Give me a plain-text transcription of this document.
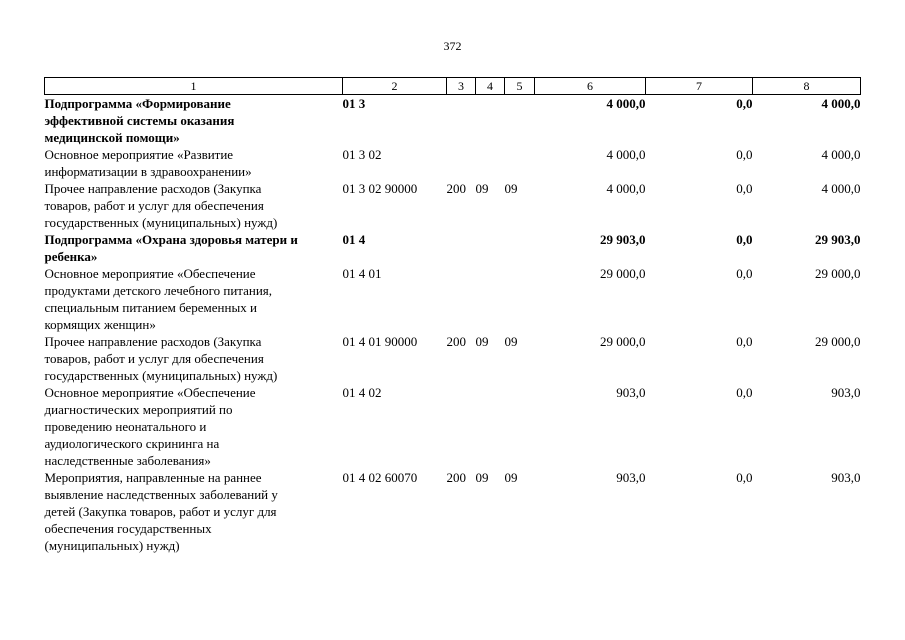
372
1	2	3	4	5	6	7	8
Подпрограмма «Формирование
эффективной системы оказания
медицинской помощи»	01 3				4 000,0	0,0	4 000,0
Основное мероприятие «Развитие
информатизации в здравоохранении»	01 3 02				4 000,0	0,0	4 000,0
Прочее направление расходов (Закупка
товаров, работ и услуг для обеспечения
государственных (муниципальных) нужд)	01 3 02 90000	200	09	09	4 000,0	0,0	4 000,0
Подпрограмма «Охрана здоровья матери и
ребенка»	01 4				29 903,0	0,0	29 903,0
Основное мероприятие «Обеспечение
продуктами детского лечебного питания,
специальным питанием беременных и
кормящих женщин»	01 4 01				29 000,0	0,0	29 000,0
Прочее направление расходов (Закупка
товаров, работ и услуг для обеспечения
государственных (муниципальных) нужд)	01 4 01 90000	200	09	09	29 000,0	0,0	29 000,0
Основное мероприятие «Обеспечение
диагностических мероприятий по
проведению неонатального и
аудиологического скрининга на
наследственные заболевания»	01 4 02				903,0	0,0	903,0
Мероприятия, направленные на раннее
выявление наследственных заболеваний у
детей (Закупка товаров, работ и услуг для
обеспечения государственных
(муниципальных) нужд)	01 4 02 60070	200	09	09	903,0	0,0	903,0
